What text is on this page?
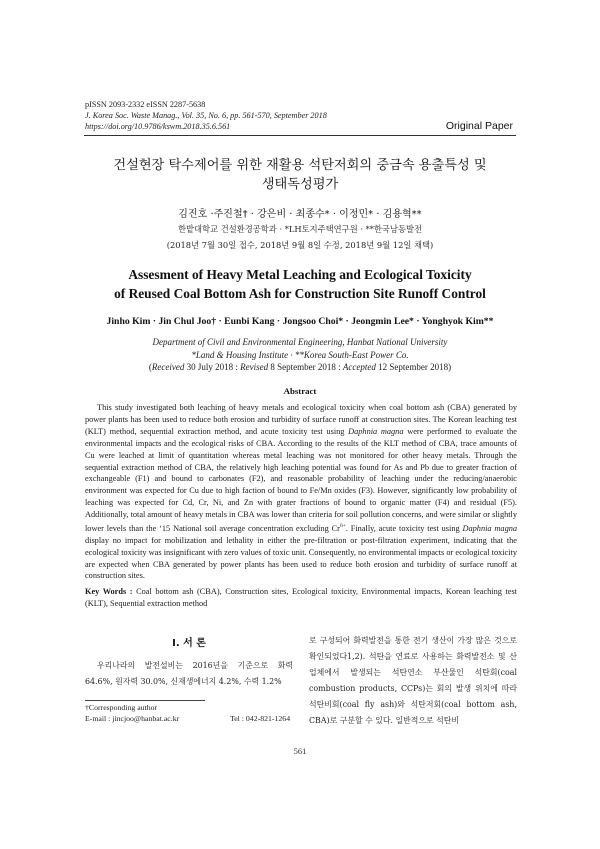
pISSN 2093-2332 eISSN 2287-5638
J. Korea Soc. Waste Manag., Vol. 35, No. 6, pp. 561-570, September 2018
https://doi.org/10.9786/kswm.2018.35.6.561	Original Paper
건설현장 탁수제어를 위한 재활용 석탄저회의 중금속 용출특성 및
생태독성평가
김진호 ·주진철† · 강은비 · 최종수* · 이정민* · 김용혁**
한밭대학교 건설환경공학과 · *LH토지주택연구원 · **한국남동발전
(2018년 7월 30일 접수, 2018년 9월 8일 수정, 2018년 9월 12일 채택)
Assesment of Heavy Metal Leaching and Ecological Toxicity
of Reused Coal Bottom Ash for Construction Site Runoff Control
Jinho Kim · Jin Chul Joo† · Eunbi Kang · Jongsoo Choi* · Jeongmin Lee* · Yonghyok Kim**
Department of Civil and Environmental Engineering, Hanbat National University
*Land & Housing Institute · **Korea South-East Power Co.
(Received 30 July 2018 : Revised 8 September 2018 : Accepted 12 September 2018)
Abstract
This study investigated both leaching of heavy metals and ecological toxicity when coal bottom ash (CBA) generated by power plants has been used to reduce both erosion and turbidity of surface runoff at construction sites. The Korean leaching test (KLT) method, sequential extraction method, and acute toxicity test using Daphnia magna were performed to evaluate the environmental impacts and the ecological risks of CBA. According to the results of the KLT method of CBA, trace amounts of Cu were leached at limit of quantitation whereas metal leaching was not monitored for other heavy metals. Through the sequential extraction method of CBA, the relatively high leaching potential was found for As and Pb due to greater fraction of exchangeable (F1) and bound to carbonates (F2), and reasonable probability of leaching under the reducing/anaerobic environment was expected for Cu due to high faction of bound to Fe/Mn oxides (F3). However, significantly low probability of leaching was expected for Cd, Cr, Ni, and Zn with grater fractions of bound to organic matter (F4) and residual (F5). Additionally, total amount of heavy metals in CBA was lower than criteria for soil pollution concerns, and were similar or slightly lower levels than the ‘15 National soil average concentration excluding $Cr^{6+}$. Finally, acute toxicity test using Daphnia magna display no impact for mobilization and lethality in either the pre-filtration or post-filtration experiment, indicating that the ecological toxicity was insignificant with zero values of toxic unit. Consequently, no environmental impacts or ecological toxicity are expected when CBA generated by power plants has been used to reduce both erosion and turbidity of surface runoff at construction sites.
Key Words : Coal bottom ash (CBA), Construction sites, Ecological toxicity, Environmental impacts, Korean leaching test (KLT), Sequential extraction method
I. 서 론
우리나라의 발전설비는 2016년을 기준으로 화력 64.6%, 원자력 30.0%, 신재생에너지 4.2%, 수력 1.2%
로 구성되어 화력발전을 통한 전기 생산이 가장 많은 것으로 확인되었다1,2). 석탄을 연료로 사용하는 화력발전소 및 산업체에서 발생되는 석탄연소 부산물인 석탄회(coal combustion products, CCPs)는 회의 발생 위치에 따라 석탄비회(coal fly ash)와 석탄저회(coal bottom ash, CBA)로 구분할 수 있다. 일반적으로 석탄비
†Corresponding author
E-mail : jincjoo@hanbat.ac.kr	Tel : 042-821-1264
561
